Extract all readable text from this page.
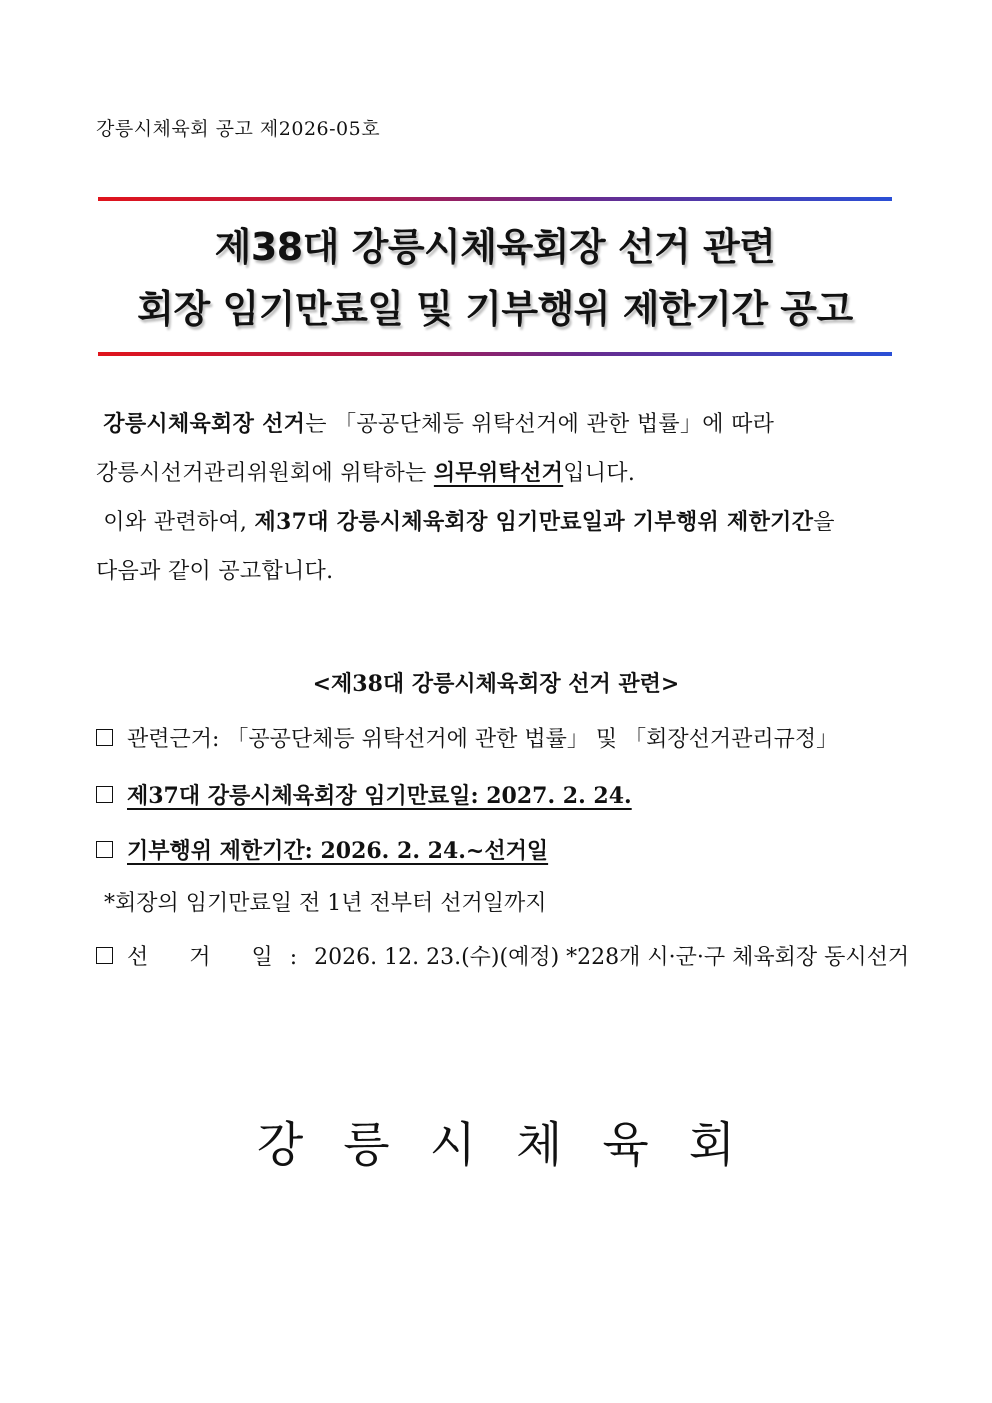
강릉시체육회 공고 제2026-05호
제38대 강릉시체육회장 선거 관련
회장 임기만료일 및 기부행위 제한기간 공고
강릉시체육회장 선거는 「공공단체등 위탁선거에 관한 법률」에 따라
강릉시선거관리위원회에 위탁하는 의무위탁선거입니다.
이와 관련하여, 제37대 강릉시체육회장 임기만료일과 기부행위 제한기간을
다음과 같이 공고합니다.
<제38대 강릉시체육회장 선거 관련>
관련근거: 「공공단체등 위탁선거에 관한 법률」 및 「회장선거관리규정」
제37대 강릉시체육회장 임기만료일: 2027. 2. 24.
기부행위 제한기간: 2026. 2. 24.~선거일
*회장의 임기만료일 전 1년 전부터 선거일까지
선 거 일: 2026. 12. 23.(수)(예정) *228개 시·군·구 체육회장 동시선거
강릉시체육회
